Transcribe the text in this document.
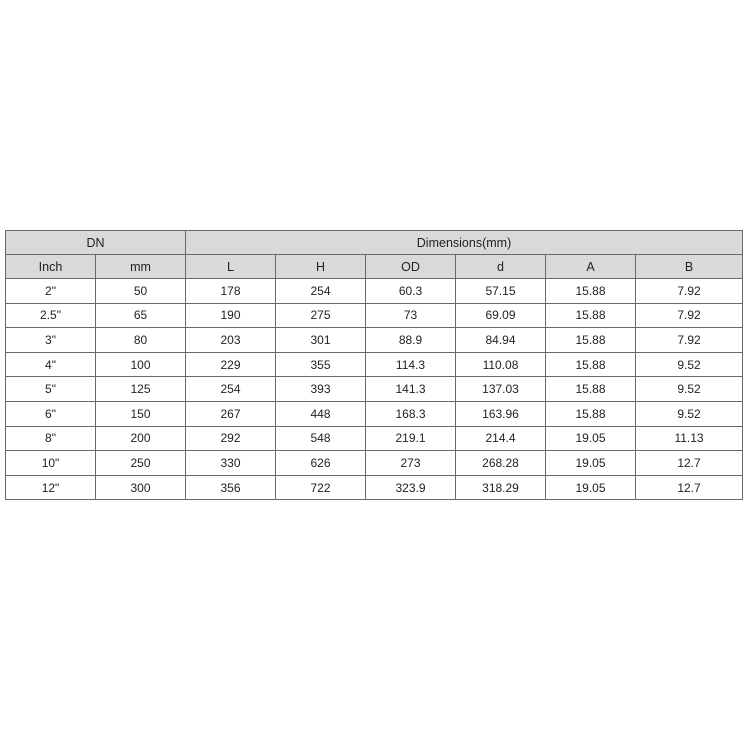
DN		Dimensions(mm)					
Inch	mm	L	H	OD	d	A	B
2"	50	178	254	60.3	57.15	15.88	7.92
2.5"	65	190	275	73	69.09	15.88	7.92
3"	80	203	301	88.9	84.94	15.88	7.92
4"	100	229	355	114.3	110.08	15.88	9.52
5"	125	254	393	141.3	137.03	15.88	9.52
6"	150	267	448	168.3	163.96	15.88	9.52
8"	200	292	548	219.1	214.4	19.05	11.13
10"	250	330	626	273	268.28	19.05	12.7
12"	300	356	722	323.9	318.29	19.05	12.7
